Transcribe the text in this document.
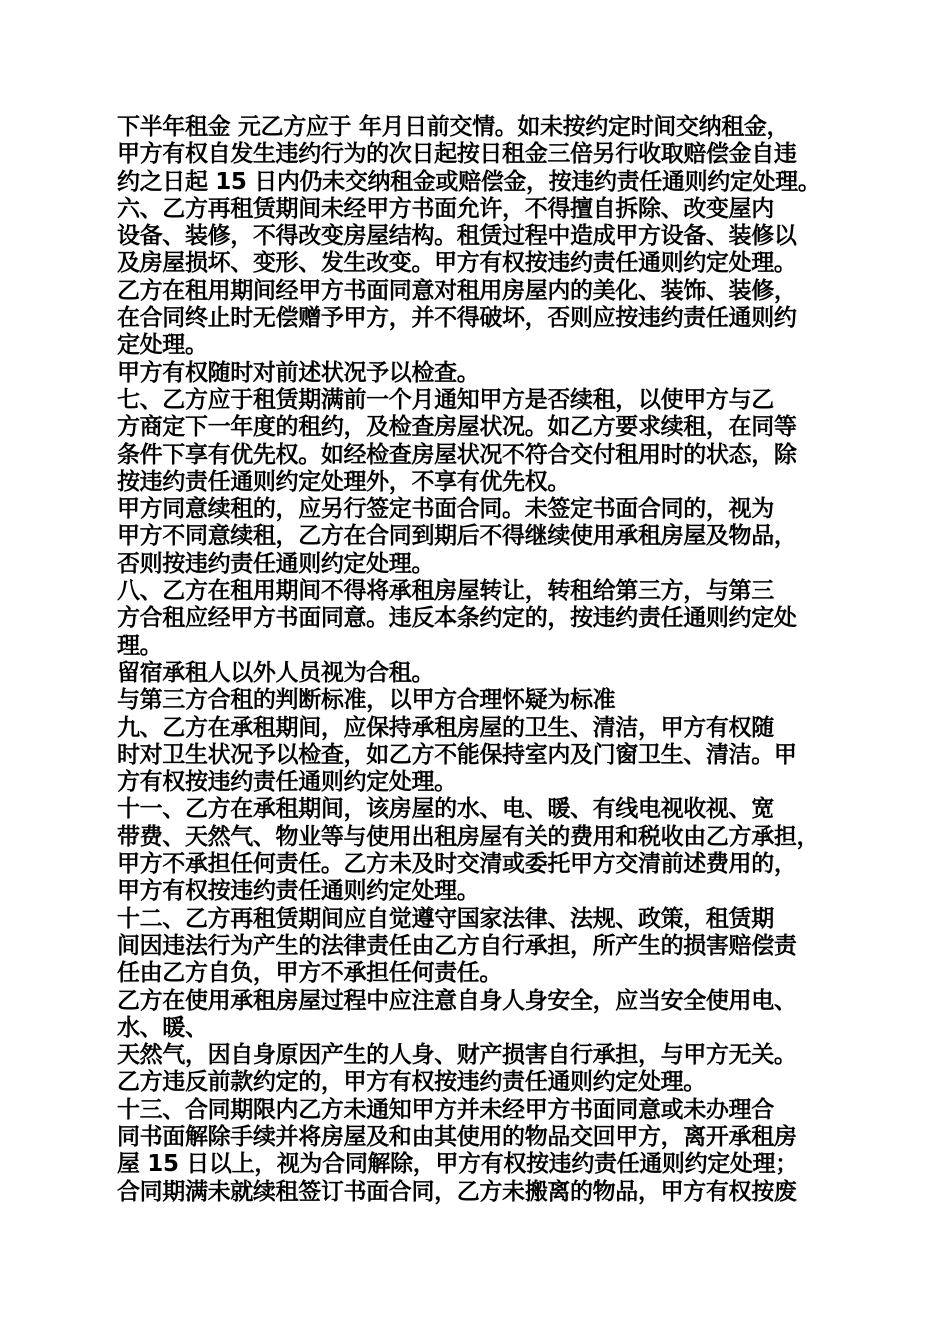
下半年租金 元乙方应于 年月日前交情。如未按约定时间交纳租金，
甲方有权自发生违约行为的次日起按日租金三倍另行收取赔偿金自违
约之日起 15 日内仍未交纳租金或赔偿金，按违约责任通则约定处理。
六、乙方再租赁期间未经甲方书面允许，不得擅自拆除、改变屋内
设备、装修，不得改变房屋结构。租赁过程中造成甲方设备、装修以
及房屋损坏、变形、发生改变。甲方有权按违约责任通则约定处理。
乙方在租用期间经甲方书面同意对租用房屋内的美化、装饰、装修，
在合同终止时无偿赠予甲方，并不得破坏，否则应按违约责任通则约
定处理。
甲方有权随时对前述状况予以检查。
七、乙方应于租赁期满前一个月通知甲方是否续租，以使甲方与乙
方商定下一年度的租约，及检查房屋状况。如乙方要求续租，在同等
条件下享有优先权。如经检查房屋状况不符合交付租用时的状态，除
按违约责任通则约定处理外，不享有优先权。
甲方同意续租的，应另行签定书面合同。未签定书面合同的，视为
甲方不同意续租，乙方在合同到期后不得继续使用承租房屋及物品，
否则按违约责任通则约定处理。
八、乙方在租用期间不得将承租房屋转让，转租给第三方，与第三
方合租应经甲方书面同意。违反本条约定的，按违约责任通则约定处
理。
留宿承租人以外人员视为合租。
与第三方合租的判断标准，以甲方合理怀疑为标准
九、乙方在承租期间，应保持承租房屋的卫生、清洁，甲方有权随
时对卫生状况予以检查，如乙方不能保持室内及门窗卫生、清洁。甲
方有权按违约责任通则约定处理。
十一、乙方在承租期间，该房屋的水、电、暖、有线电视收视、宽
带费、天然气、物业等与使用出租房屋有关的费用和税收由乙方承担，
甲方不承担任何责任。乙方未及时交清或委托甲方交清前述费用的，
甲方有权按违约责任通则约定处理。
十二、乙方再租赁期间应自觉遵守国家法律、法规、政策，租赁期
间因违法行为产生的法律责任由乙方自行承担，所产生的损害赔偿责
任由乙方自负，甲方不承担任何责任。
乙方在使用承租房屋过程中应注意自身人身安全，应当安全使用电、
水、暖、
天然气，因自身原因产生的人身、财产损害自行承担，与甲方无关。
乙方违反前款约定的，甲方有权按违约责任通则约定处理。
十三、合同期限内乙方未通知甲方并未经甲方书面同意或未办理合
同书面解除手续并将房屋及和由其使用的物品交回甲方，离开承租房
屋 15 日以上，视为合同解除，甲方有权按违约责任通则约定处理；
合同期满未就续租签订书面合同，乙方未搬离的物品，甲方有权按废
